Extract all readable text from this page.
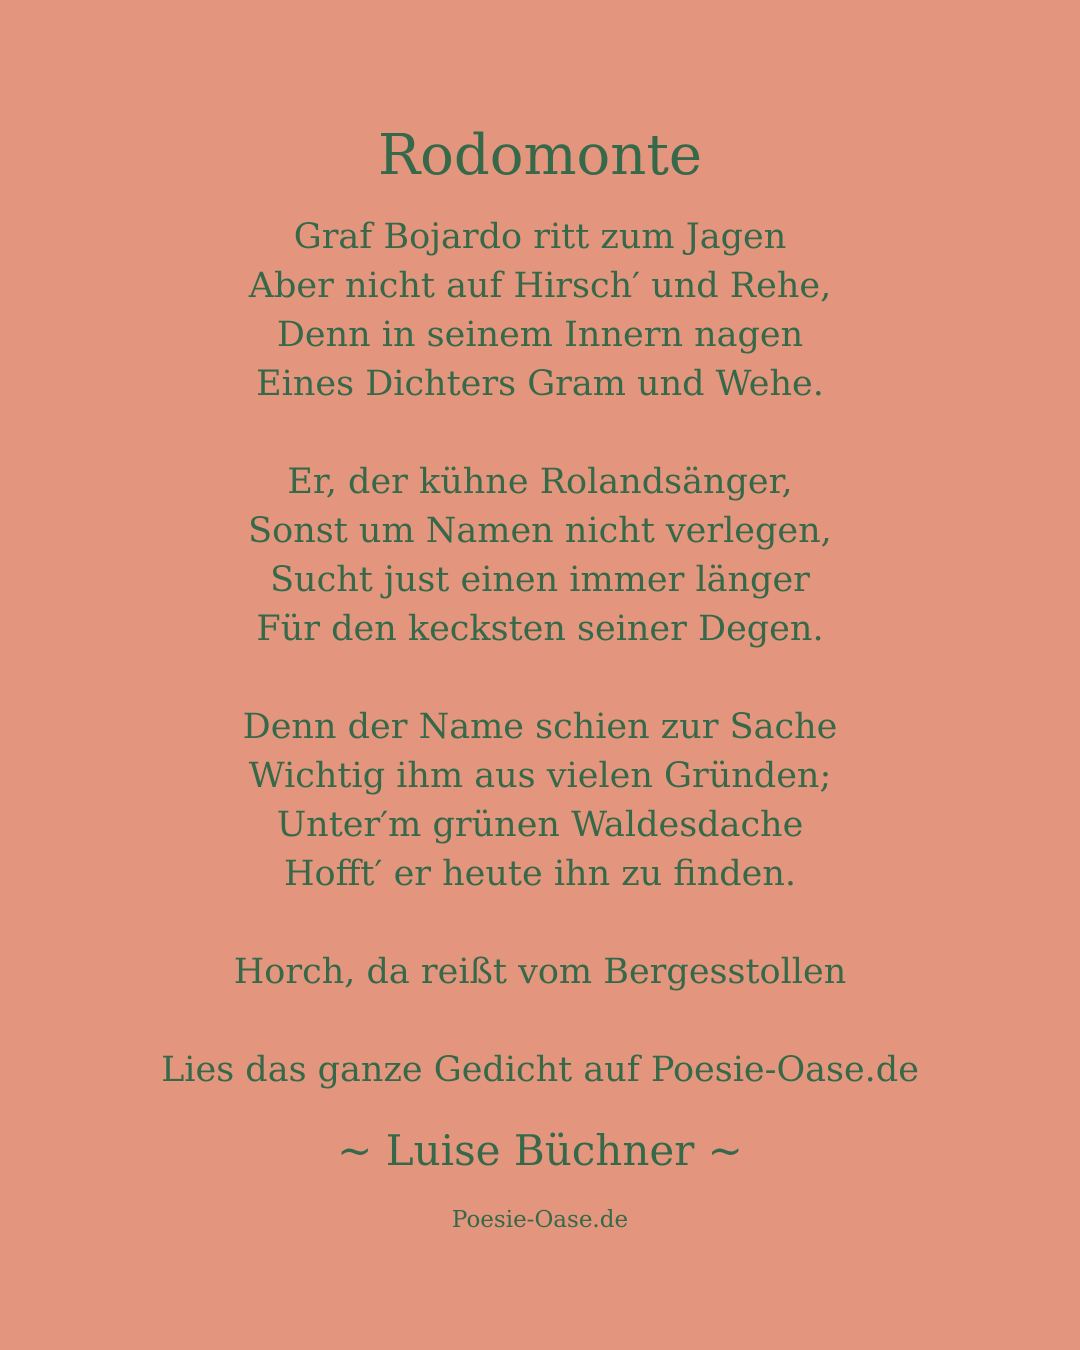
Rodomonte
Graf Bojardo ritt zum Jagen
Aber nicht auf Hirsch′ und Rehe,
Denn in seinem Innern nagen
Eines Dichters Gram und Wehe.
Er, der kühne Rolandsänger,
Sonst um Namen nicht verlegen,
Sucht just einen immer länger
Für den kecksten seiner Degen.
Denn der Name schien zur Sache
Wichtig ihm aus vielen Gründen;
Unter′m grünen Waldesdache
Hofft′ er heute ihn zu finden.
Horch, da reißt vom Bergesstollen
Lies das ganze Gedicht auf Poesie-Oase.de
~ Luise Büchner ~
Poesie-Oase.de
